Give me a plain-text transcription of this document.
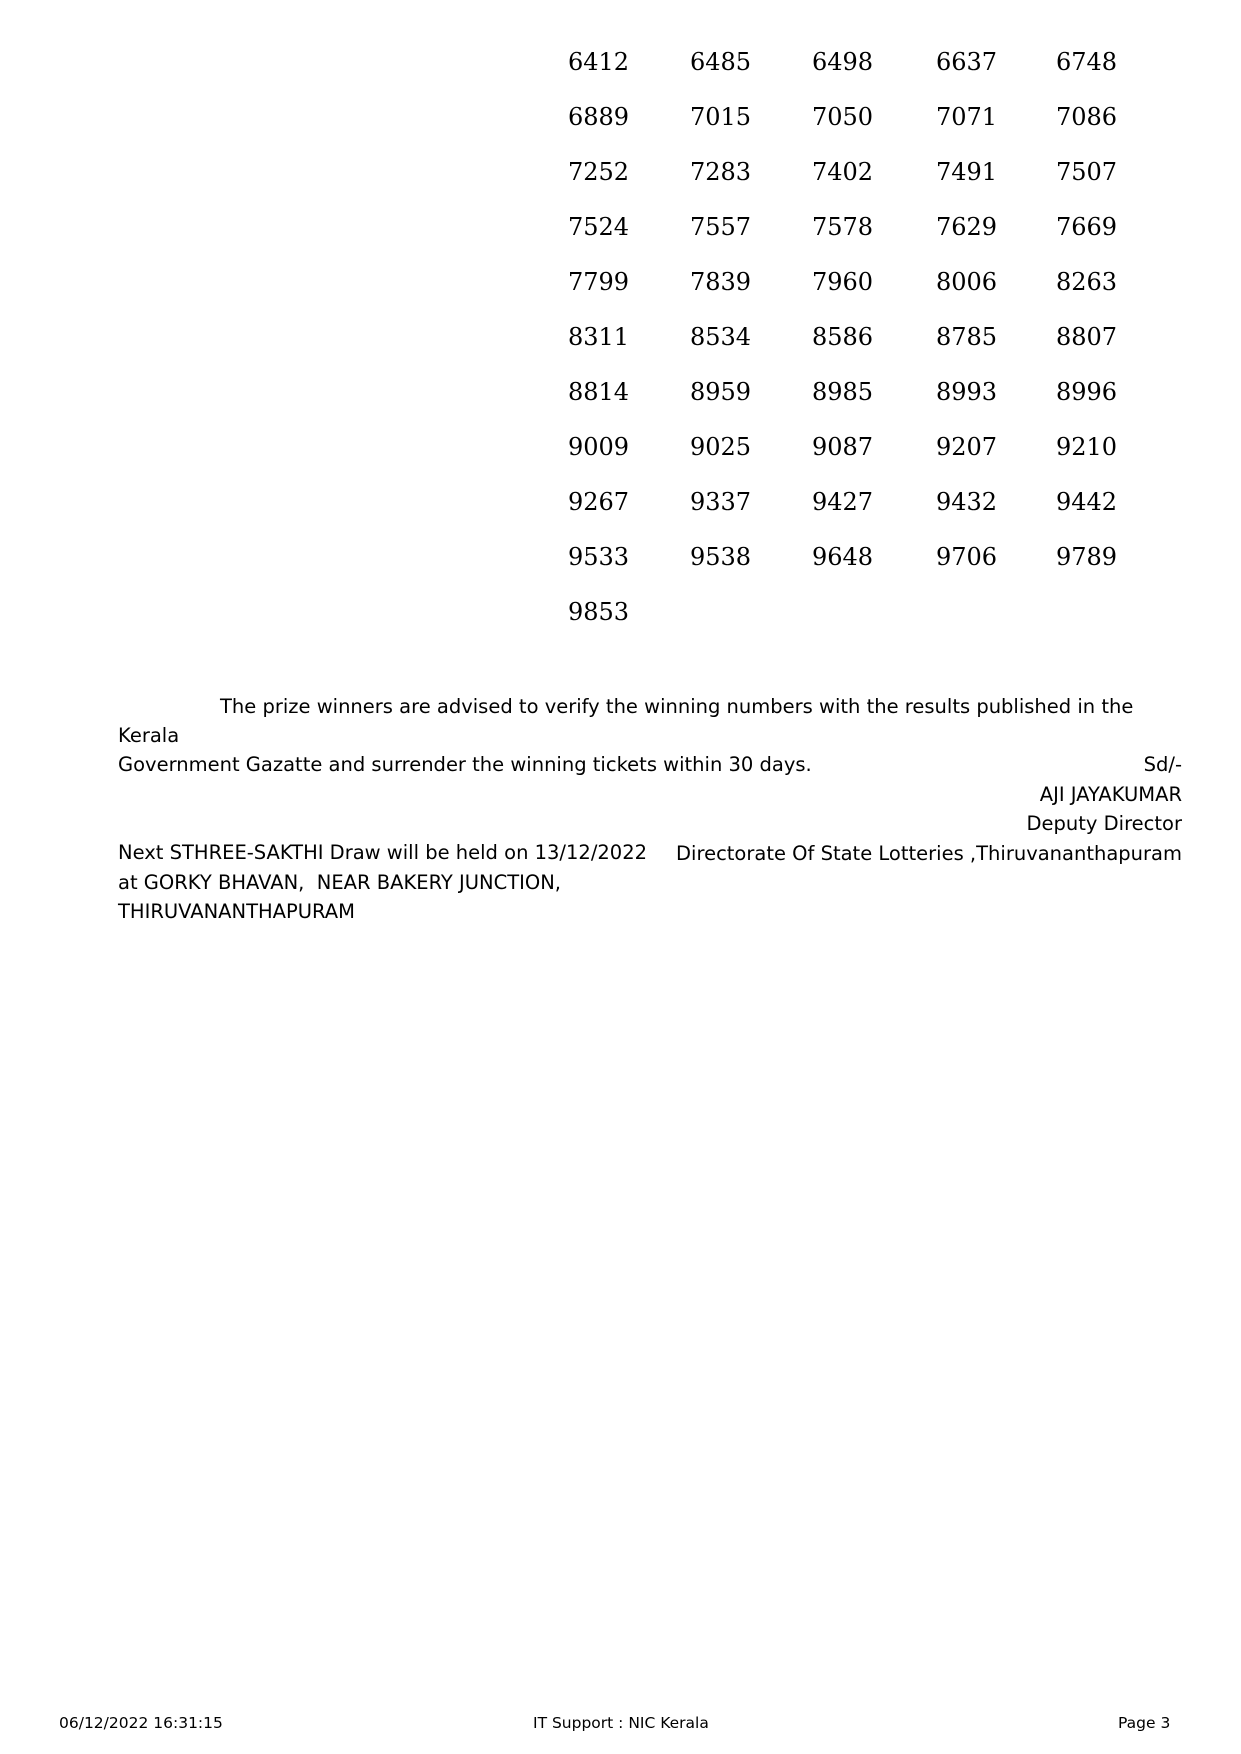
6412	6485	6498	6637	6748
6889	7015	7050	7071	7086
7252	7283	7402	7491	7507
7524	7557	7578	7629	7669
7799	7839	7960	8006	8263
8311	8534	8586	8785	8807
8814	8959	8985	8993	8996
9009	9025	9087	9207	9210
9267	9337	9427	9432	9442
9533	9538	9648	9706	9789
9853
The prize winners are advised to verify the winning numbers with the results published in the Kerala
Government Gazatte and surrender the winning tickets within 30 days.	Sd/-
AJI JAYAKUMAR
Deputy Director
Directorate Of State Lotteries ,Thiruvananthapuram
Next STHREE-SAKTHI Draw will be held on 13/12/2022
at GORKY BHAVAN,  NEAR BAKERY JUNCTION,
THIRUVANANTHAPURAM
06/12/2022 16:31:15	IT Support : NIC Kerala	Page 3
